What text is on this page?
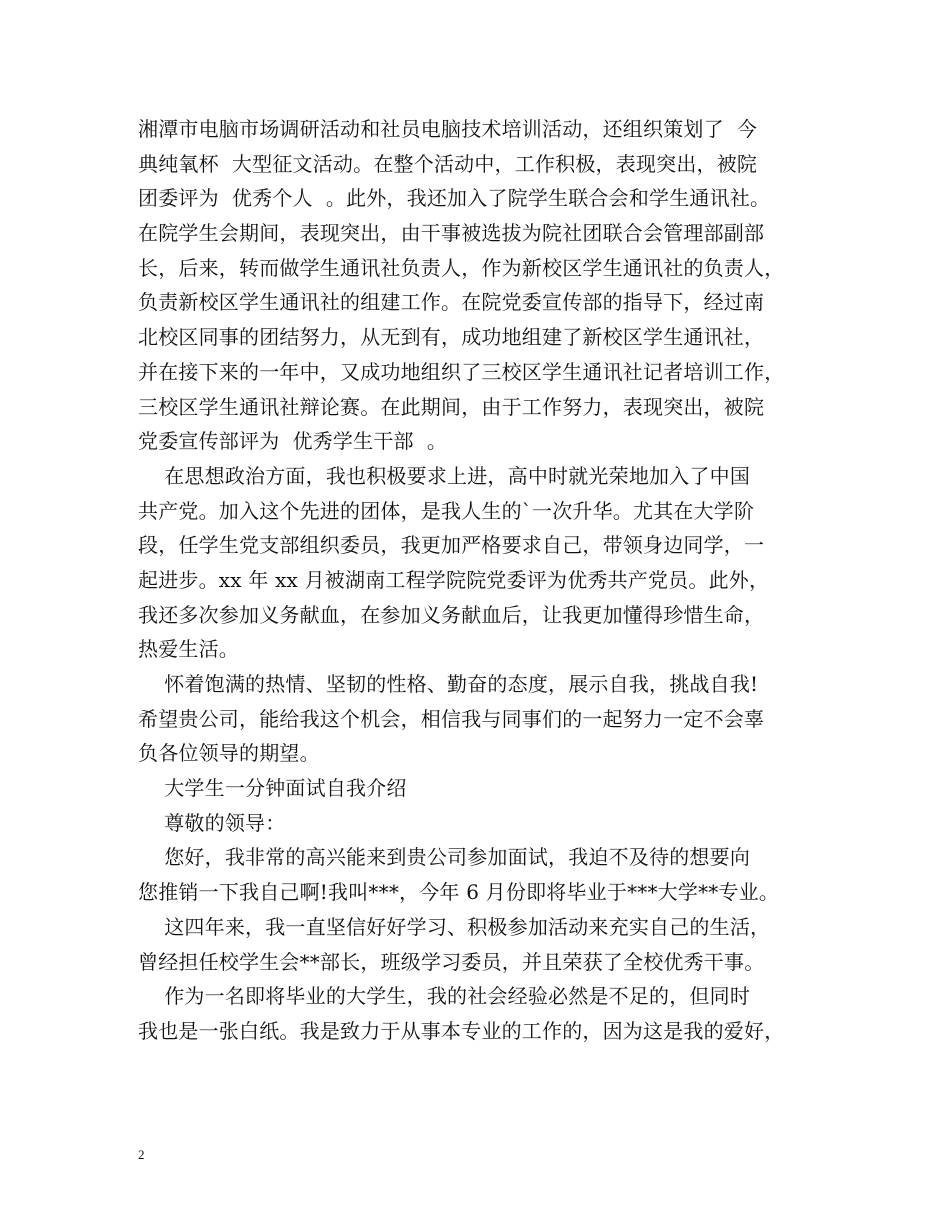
湘潭市电脑市场调研活动和社员电脑技术培训活动，还组织策划了  今
典纯氧杯  大型征文活动。在整个活动中，工作积极，表现突出，被院
团委评为  优秀个人  。此外，我还加入了院学生联合会和学生通讯社。
在院学生会期间，表现突出，由干事被选拔为院社团联合会管理部副部
长，后来，转而做学生通讯社负责人，作为新校区学生通讯社的负责人，
负责新校区学生通讯社的组建工作。在院党委宣传部的指导下，经过南
北校区同事的团结努力，从无到有，成功地组建了新校区学生通讯社，
并在接下来的一年中，又成功地组织了三校区学生通讯社记者培训工作，
三校区学生通讯社辩论赛。在此期间，由于工作努力，表现突出，被院
党委宣传部评为  优秀学生干部  。
在思想政治方面，我也积极要求上进，高中时就光荣地加入了中国
共产党。加入这个先进的团体，是我人生的`一次升华。尤其在大学阶
段，任学生党支部组织委员，我更加严格要求自己，带领身边同学，一
起进步。xx 年 xx 月被湖南工程学院院党委评为优秀共产党员。此外，
我还多次参加义务献血，在参加义务献血后，让我更加懂得珍惜生命，
热爱生活。
怀着饱满的热情、坚韧的性格、勤奋的态度，展示自我，挑战自我!
希望贵公司，能给我这个机会，相信我与同事们的一起努力一定不会辜
负各位领导的期望。
大学生一分钟面试自我介绍
尊敬的领导：
您好，我非常的高兴能来到贵公司参加面试，我迫不及待的想要向
您推销一下我自己啊!我叫***，今年 6 月份即将毕业于***大学**专业。
这四年来，我一直坚信好好学习、积极参加活动来充实自己的生活，
曾经担任校学生会**部长，班级学习委员，并且荣获了全校优秀干事。
作为一名即将毕业的大学生，我的社会经验必然是不足的，但同时
我也是一张白纸。我是致力于从事本专业的工作的，因为这是我的爱好，
2
